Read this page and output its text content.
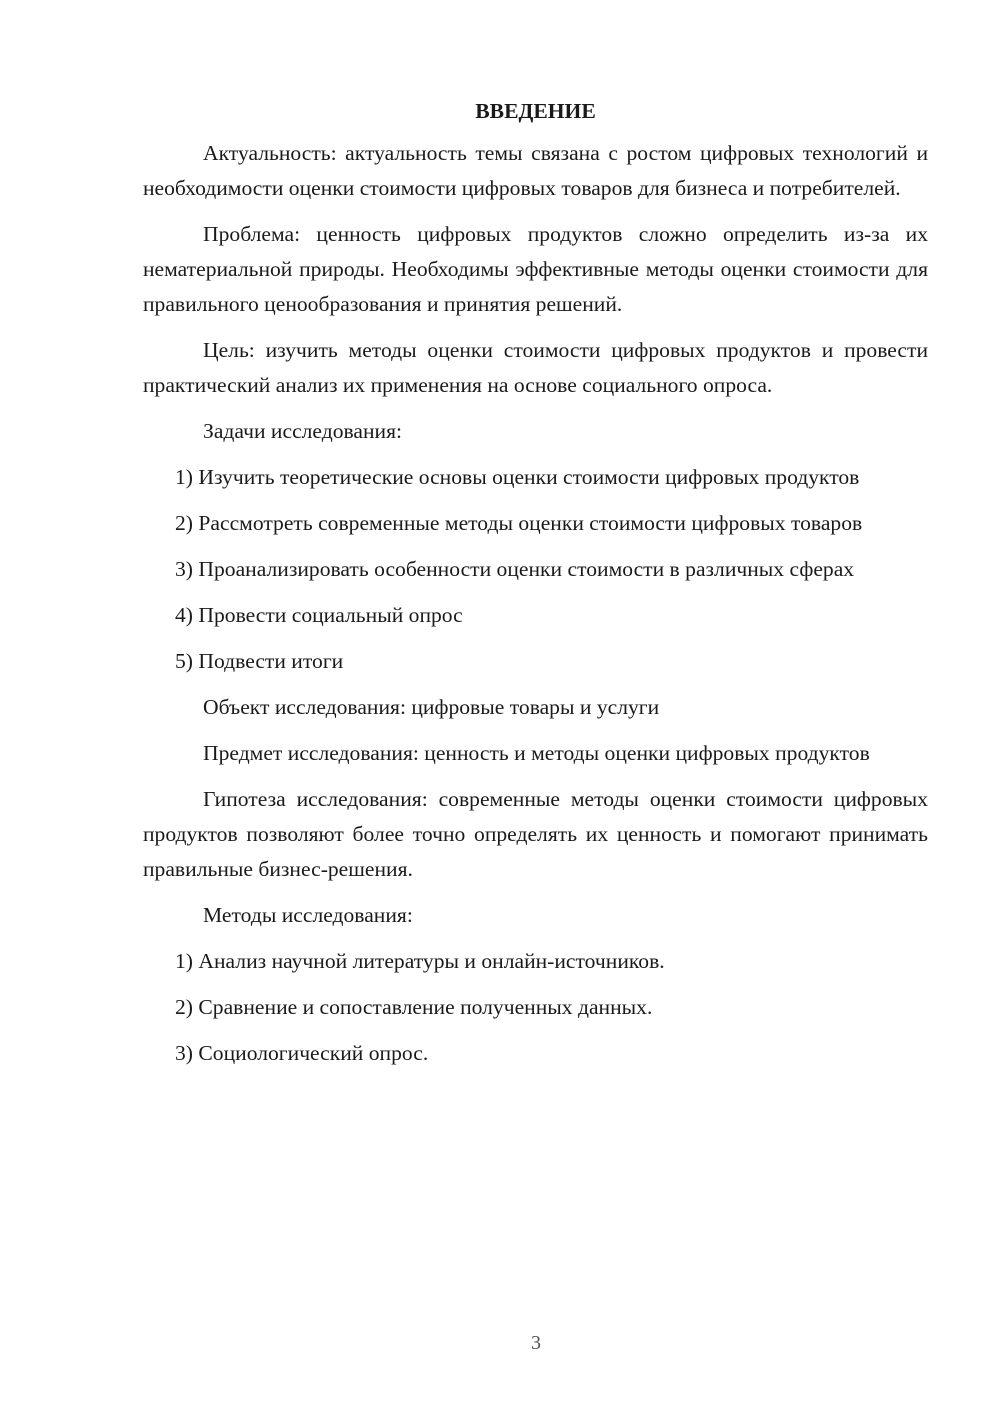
ВВЕДЕНИЕ

Актуальность: актуальность темы связана с ростом цифровых технологий и необходимости оценки стоимости цифровых товаров для бизнеса и потребителей.

Проблема: ценность цифровых продуктов сложно определить из-за их нематериальной природы. Необходимы эффективные методы оценки стоимости для правильного ценообразования и принятия решений.

Цель: изучить методы оценки стоимости цифровых продуктов и провести практический анализ их применения на основе социального опроса.

Задачи исследования:

1) Изучить теоретические основы оценки стоимости цифровых продуктов

2) Рассмотреть современные методы оценки стоимости цифровых товаров

3) Проанализировать особенности оценки стоимости в различных сферах

4) Провести социальный опрос

5) Подвести итоги

Объект исследования: цифровые товары и услуги

Предмет исследования: ценность и методы оценки цифровых продуктов

Гипотеза исследования: современные методы оценки стоимости цифровых продуктов позволяют более точно определять их ценность и помогают принимать правильные бизнес-решения.

Методы исследования:

1) Анализ научной литературы и онлайн-источников.

2) Сравнение и сопоставление полученных данных.

3) Социологический опрос.

3
